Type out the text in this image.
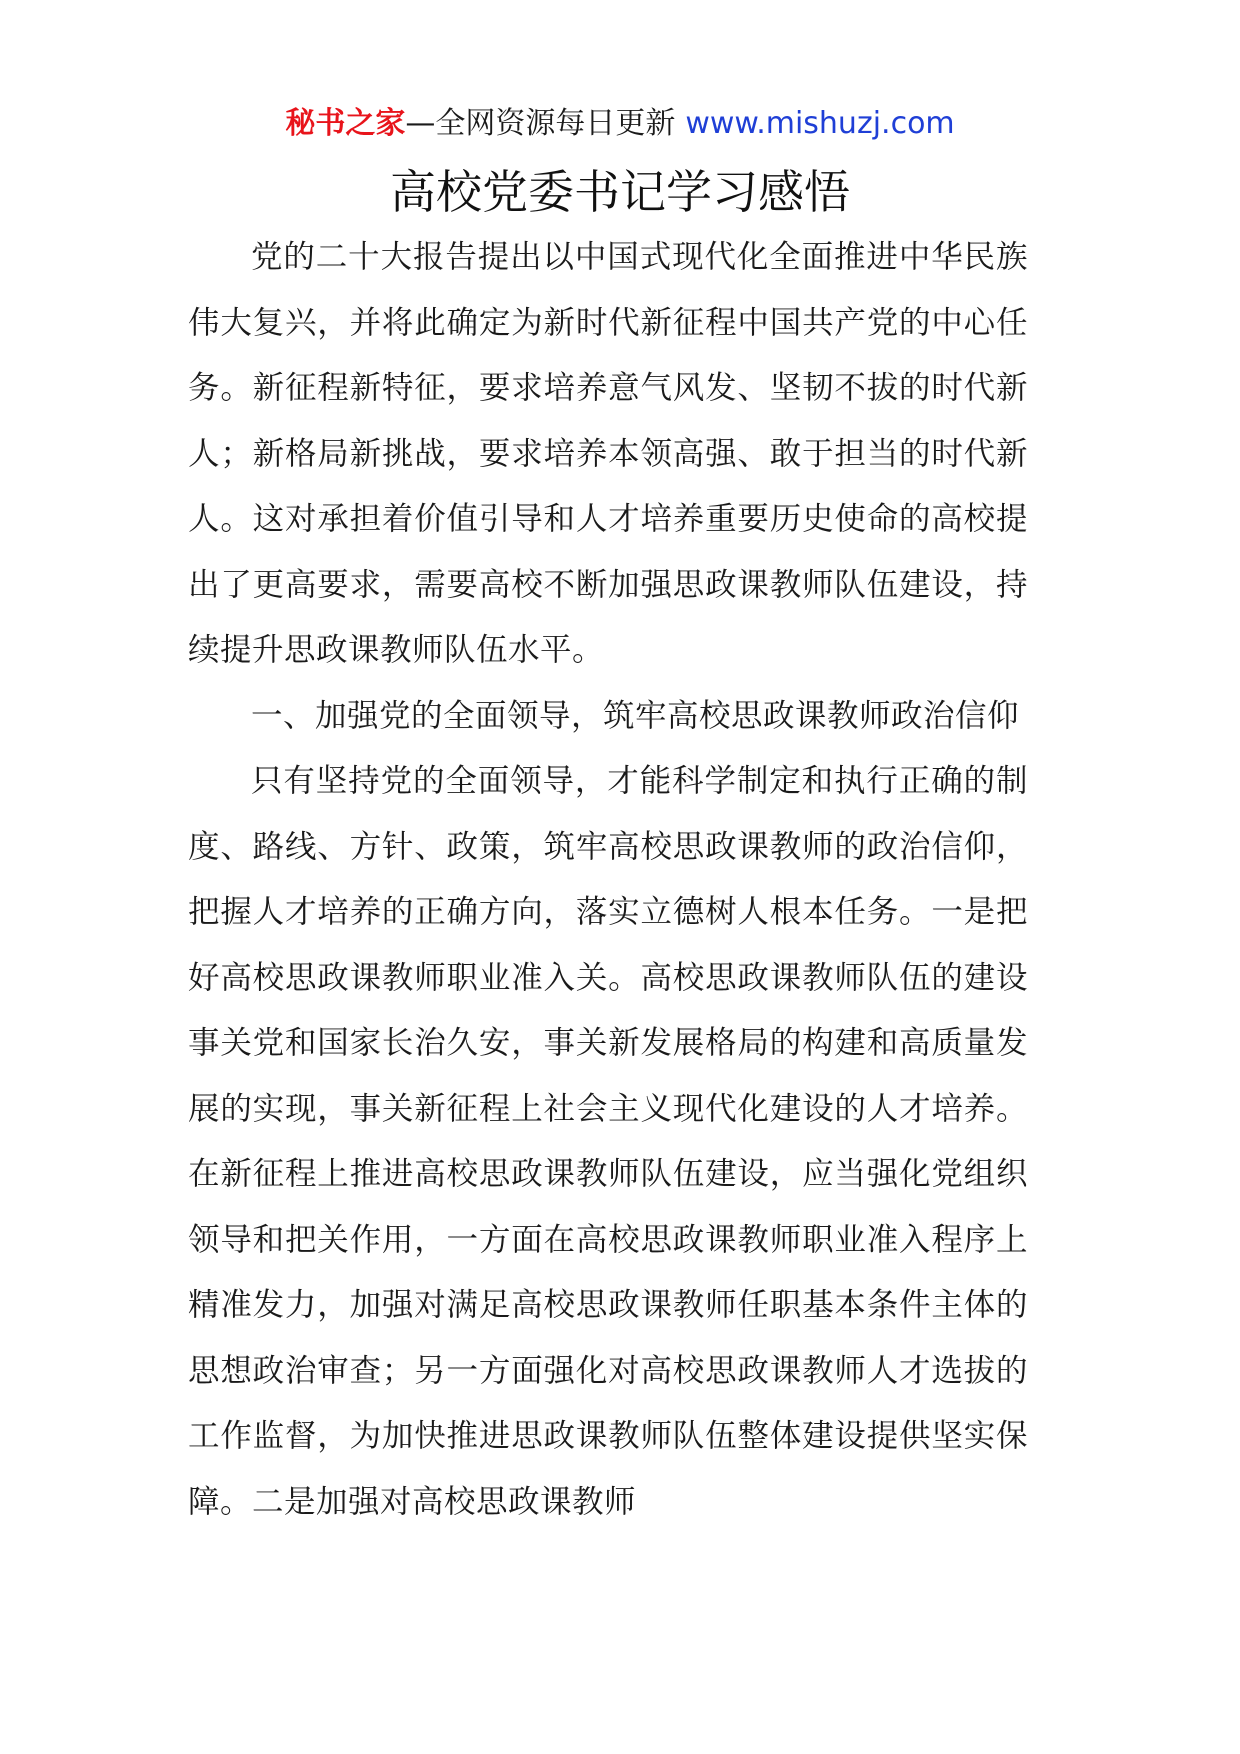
秘书之家—全网资源每日更新 www.mishuzj.com
高校党委书记学习感悟

党的二十大报告提出以中国式现代化全面推进中华民族伟大复兴，并将此确定为新时代新征程中国共产党的中心任务。新征程新特征，要求培养意气风发、坚韧不拔的时代新人；新格局新挑战，要求培养本领高强、敢于担当的时代新人。这对承担着价值引导和人才培养重要历史使命的高校提出了更高要求，需要高校不断加强思政课教师队伍建设，持续提升思政课教师队伍水平。

一、加强党的全面领导，筑牢高校思政课教师政治信仰

只有坚持党的全面领导，才能科学制定和执行正确的制度、路线、方针、政策，筑牢高校思政课教师的政治信仰，把握人才培养的正确方向，落实立德树人根本任务。一是把好高校思政课教师职业准入关。高校思政课教师队伍的建设事关党和国家长治久安，事关新发展格局的构建和高质量发展的实现，事关新征程上社会主义现代化建设的人才培养。在新征程上推进高校思政课教师队伍建设，应当强化党组织领导和把关作用，一方面在高校思政课教师职业准入程序上精准发力，加强对满足高校思政课教师任职基本条件主体的思想政治审查；另一方面强化对高校思政课教师人才选拔的工作监督，为加快推进思政课教师队伍整体建设提供坚实保障。二是加强对高校思政课教师
